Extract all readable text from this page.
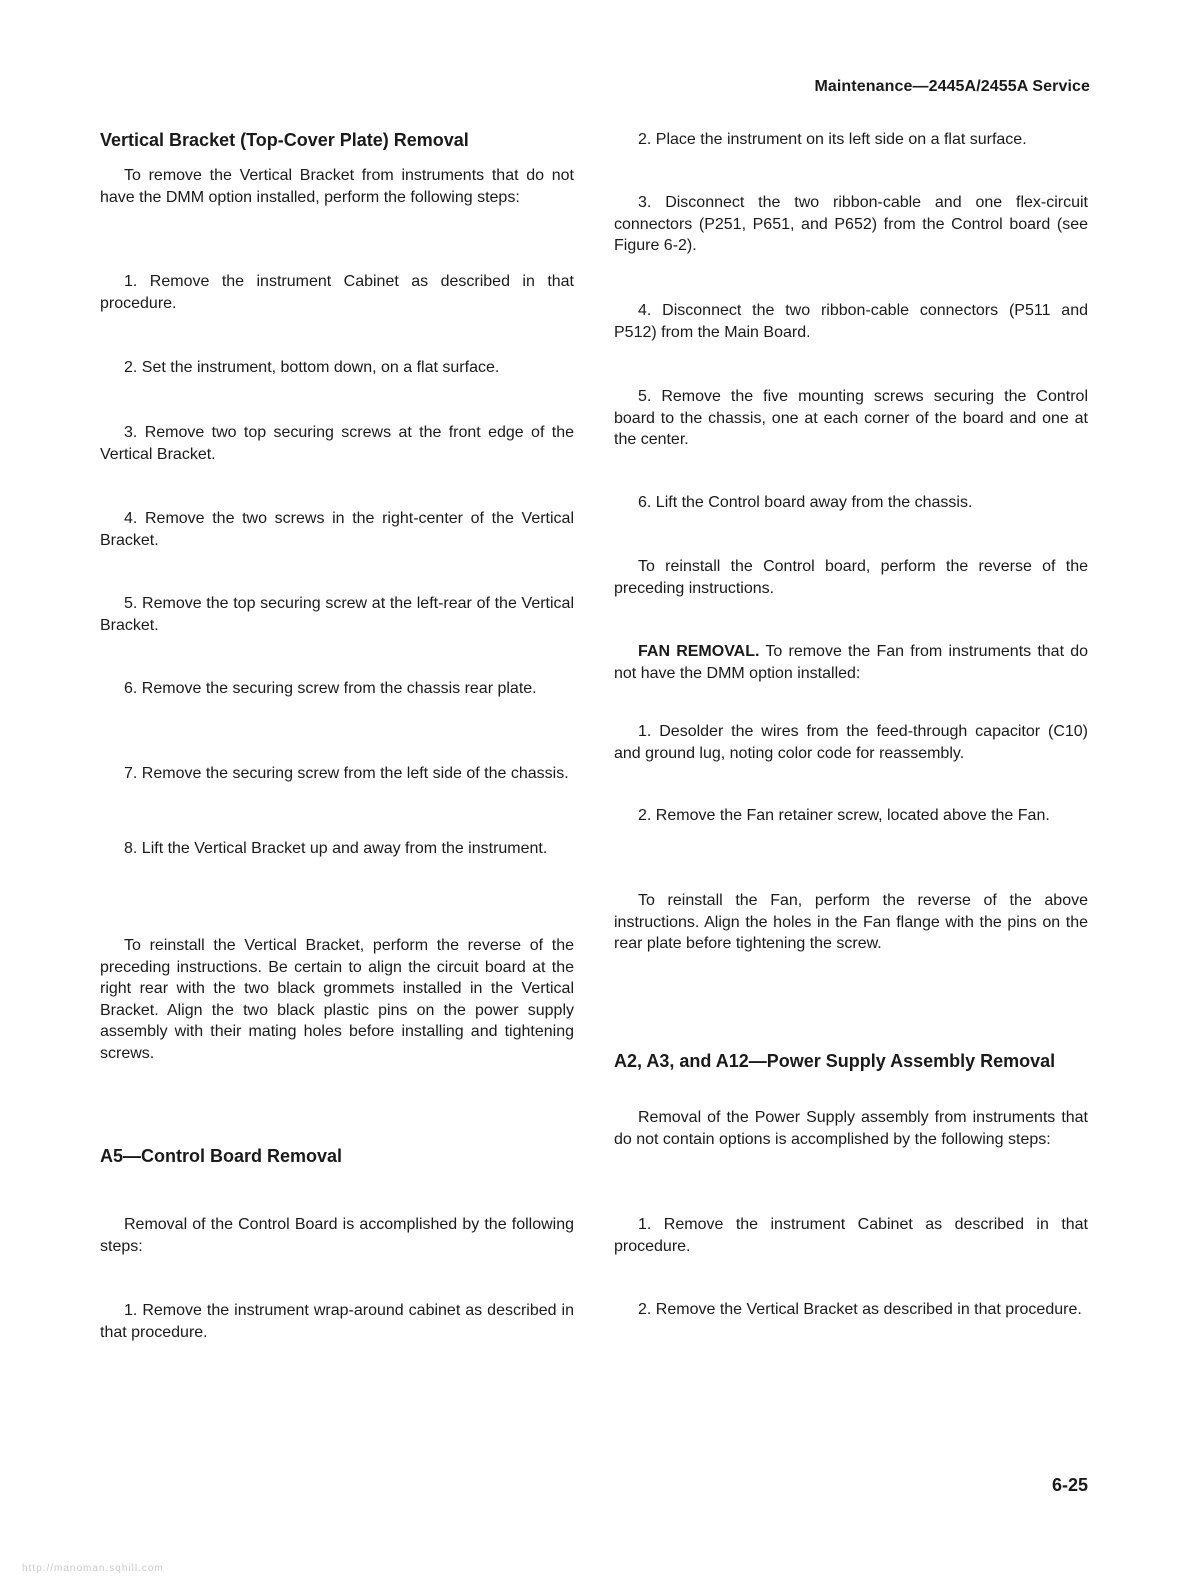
Maintenance—2445A/2455A Service
Vertical Bracket (Top-Cover Plate) Removal

To remove the Vertical Bracket from instruments that do not have the DMM option installed, perform the following steps:

1. Remove the instrument Cabinet as described in that procedure.

2. Set the instrument, bottom down, on a flat surface.

3. Remove two top securing screws at the front edge of the Vertical Bracket.

4. Remove the two screws in the right-center of the Vertical Bracket.

5. Remove the top securing screw at the left-rear of the Vertical Bracket.

6. Remove the securing screw from the chassis rear plate.

7. Remove the securing screw from the left side of the chassis.

8. Lift the Vertical Bracket up and away from the instrument.

To reinstall the Vertical Bracket, perform the reverse of the preceding instructions. Be certain to align the circuit board at the right rear with the two black grommets installed in the Vertical Bracket. Align the two black plastic pins on the power supply assembly with their mating holes before installing and tightening screws.

A5—Control Board Removal

Removal of the Control Board is accomplished by the following steps:

1. Remove the instrument wrap-around cabinet as described in that procedure.

2. Place the instrument on its left side on a flat surface.

3. Disconnect the two ribbon-cable and one flex-circuit connectors (P251, P651, and P652) from the Control board (see Figure 6-2).

4. Disconnect the two ribbon-cable connectors (P511 and P512) from the Main Board.

5. Remove the five mounting screws securing the Control board to the chassis, one at each corner of the board and one at the center.

6. Lift the Control board away from the chassis.

To reinstall the Control board, perform the reverse of the preceding instructions.

FAN REMOVAL. To remove the Fan from instruments that do not have the DMM option installed:

1. Desolder the wires from the feed-through capacitor (C10) and ground lug, noting color code for reassembly.

2. Remove the Fan retainer screw, located above the Fan.

To reinstall the Fan, perform the reverse of the above instructions. Align the holes in the Fan flange with the pins on the rear plate before tightening the screw.

A2, A3, and A12—Power Supply Assembly Removal

Removal of the Power Supply assembly from instruments that do not contain options is accomplished by the following steps:

1. Remove the instrument Cabinet as described in that procedure.

2. Remove the Vertical Bracket as described in that procedure.

6-25
http://manoman.sqhill.com
